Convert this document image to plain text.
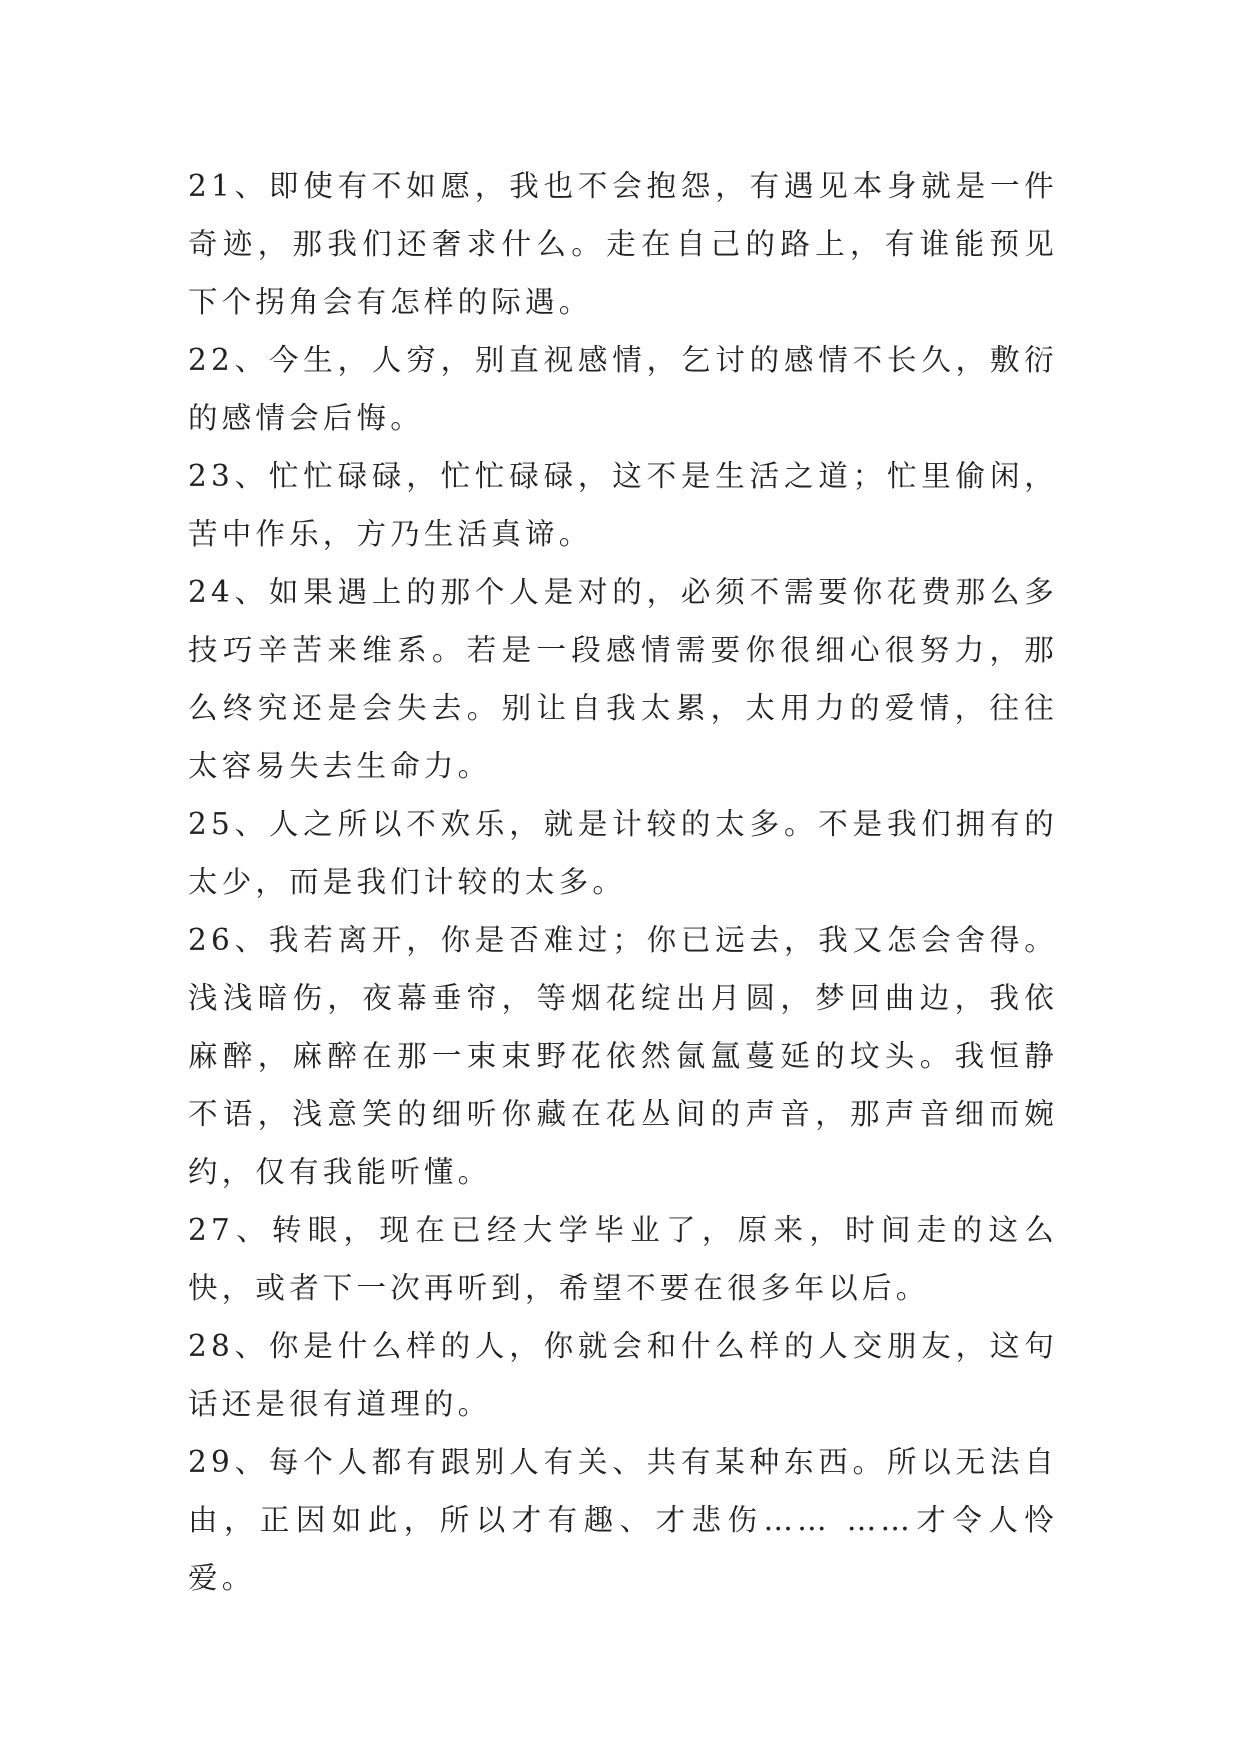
21、即使有不如愿，我也不会抱怨，有遇见本身就是一件奇迹，那我们还奢求什么。走在自己的路上，有谁能预见下个拐角会有怎样的际遇。

22、今生，人穷，别直视感情，乞讨的感情不长久，敷衍的感情会后悔。

23、忙忙碌碌，忙忙碌碌，这不是生活之道；忙里偷闲，苦中作乐，方乃生活真谛。

24、如果遇上的那个人是对的，必须不需要你花费那么多技巧辛苦来维系。若是一段感情需要你很细心很努力，那么终究还是会失去。别让自我太累，太用力的爱情，往往太容易失去生命力。

25、人之所以不欢乐，就是计较的太多。不是我们拥有的太少，而是我们计较的太多。

26、我若离开，你是否难过；你已远去，我又怎会舍得。浅浅暗伤，夜幕垂帘，等烟花绽出月圆，梦回曲边，我依麻醉，麻醉在那一束束野花依然氤氲蔓延的坟头。我恒静不语，浅意笑的细听你藏在花丛间的声音，那声音细而婉约，仅有我能听懂。

27、转眼，现在已经大学毕业了，原来，时间走的这么快，或者下一次再听到，希望不要在很多年以后。

28、你是什么样的人，你就会和什么样的人交朋友，这句话还是很有道理的。

29、每个人都有跟别人有关、共有某种东西。所以无法自由，正因如此，所以才有趣、才悲伤…… ……才令人怜爱。
